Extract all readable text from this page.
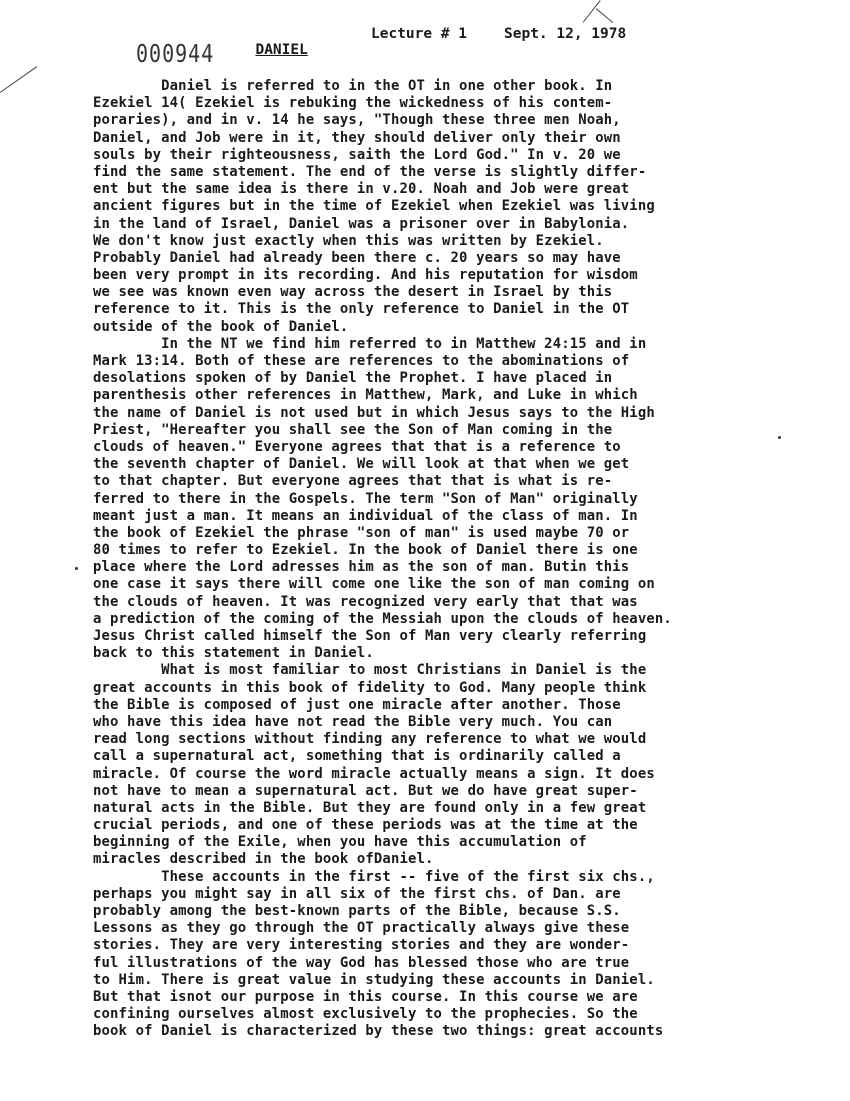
000944	DANIEL

Lecture # 1

	Sept. 12, 1978

Daniel is referred to in the OT in one other book. In
Ezekiel 14( Ezekiel is rebuking the wickedness of his contem-
poraries), and in v. 14 he says, "Though these three men Noah,
Daniel, and Job were in it, they should deliver only their own
souls by their righteousness, saith the Lord God." In v. 20 we
find the same statement. The end of the verse is slightly differ-
ent but the same idea is there in v.20. Noah and Job were great
ancient figures but in the time of Ezekiel when Ezekiel was living
in the land of Israel, Daniel was a prisoner over in Babylonia.
We don't know just exactly when this was written by Ezekiel.
Probably Daniel had already been there c. 20 years so may have
been very prompt in its recording. And his reputation for wisdom
we see was known even way across the desert in Israel by this
reference to it. This is the only reference to Daniel in the OT
outside of the book of Daniel.
In the NT we find him referred to in Matthew 24:15 and in
Mark 13:14. Both of these are references to the abominations of
desolations spoken of by Daniel the Prophet. I have placed in
parenthesis other references in Matthew, Mark, and Luke in which
the name of Daniel is not used but in which Jesus says to the High
Priest, "Hereafter you shall see the Son of Man coming in the
clouds of heaven." Everyone agrees that that is a reference to
the seventh chapter of Daniel. We will look at that when we get
to that chapter. But everyone agrees that that is what is re-
ferred to there in the Gospels. The term "Son of Man" originally
meant just a man. It means an individual of the class of man. In
the book of Ezekiel the phrase "son of man" is used maybe 70 or
80 times to refer to Ezekiel. In the book of Daniel there is one
place where the Lord adresses him as the son of man. Butin this
one case it says there will come one like the son of man coming on
the clouds of heaven. It was recognized very early that that was
a prediction of the coming of the Messiah upon the clouds of heaven.
Jesus Christ called himself the Son of Man very clearly referring
back to this statement in Daniel.
What is most familiar to most Christians in Daniel is the
great accounts in this book of fidelity to God. Many people think
the Bible is composed of just one miracle after another. Those
who have this idea have not read the Bible very much. You can
read long sections without finding any reference to what we would
call a supernatural act, something that is ordinarily called a
miracle. Of course the word miracle actually means a sign. It does
not have to mean a supernatural act. But we do have great super-
natural acts in the Bible. But they are found only in a few great
crucial periods, and one of these periods was at the time at the
beginning of the Exile, when you have this accumulation of
miracles described in the book ofDaniel.
These accounts in the first -- five of the first six chs.,
perhaps you might say in all six of the first chs. of Dan. are
probably among the best-known parts of the Bible, because S.S.
Lessons as they go through the OT practically always give these
stories. They are very interesting stories and they are wonder-
ful illustrations of the way God has blessed those who are true
to Him. There is great value in studying these accounts in Daniel.
But that isnot our purpose in this course. In this course we are
confining ourselves almost exclusively to the prophecies. So the
book of Daniel is characterized by these two things: great accounts
